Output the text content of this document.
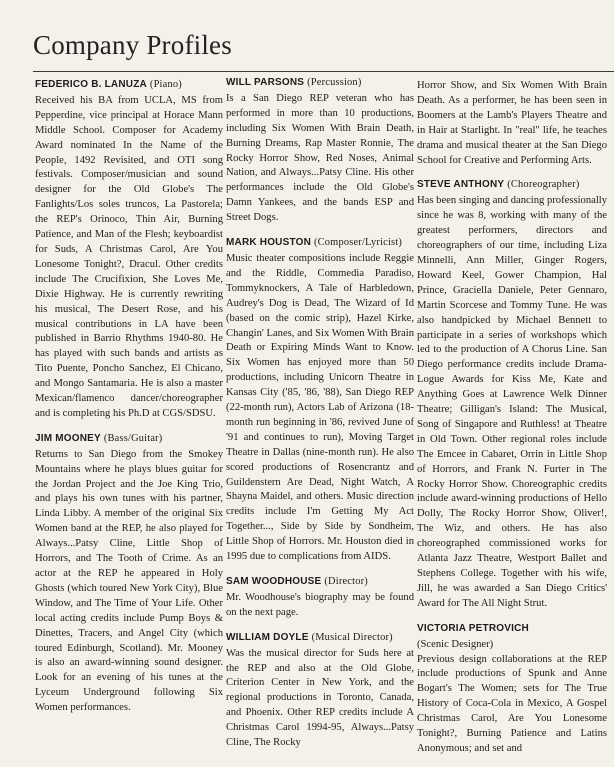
Company Profiles
FEDERICO B. LANUZA (Piano)

Received his BA from UCLA, MS from Pepperdine, vice principal at Horace Mann Middle School. Composer for Academy Award nominated In the Name of the People, 1492 Revisited, and OTI song festivals. Composer/musician and sound designer for the Old Globe's The Fanlights/Los soles truncos, La Pastorela; the REP's Orinoco, Thin Air, Burning Patience, and Man of the Flesh; keyboardist for Suds, A Christmas Carol, Are You Lonesome Tonight?, Dracul. Other credits include The Crucifixion, She Loves Me, Dixie Highway. He is currently rewriting his musical, The Desert Rose, and his musical contributions in LA have been published in Barrio Rhythms 1940-80. He has played with such bands and artists as Tito Puente, Poncho Sanchez, El Chicano, and Mongo Santamaria. He is also a master Mexican/flamenco dancer/choreographer and is completing his Ph.D at CGS/SDSU.

JIM MOONEY (Bass/Guitar)

Returns to San Diego from the Smokey Mountains where he plays blues guitar for the Jordan Project and the Joe King Trio, and plays his own tunes with his partner, Linda Libby. A member of the original Six Women band at the REP, he also played for Always...Patsy Cline, Little Shop of Horrors, and The Tooth of Crime. As an actor at the REP he appeared in Holy Ghosts (which toured New York City), Blue Window, and The Time of Your Life. Other local acting credits include Pump Boys & Dinettes, Tracers, and Angel City (which toured Edinburgh, Scotland). Mr. Mooney is also an award-winning sound designer. Look for an evening of his tunes at the Lyceum Underground following Six Women performances.

WILL PARSONS (Percussion)

Is a San Diego REP veteran who has performed in more than 10 productions, including Six Women With Brain Death, Burning Dreams, Rap Master Ronnie, The Rocky Horror Show, Red Noses, Animal Nation, and Always...Patsy Cline. His other performances include the Old Globe's Damn Yankees, and the bands ESP and Street Dogs.

MARK HOUSTON (Composer/Lyricist)

Music theater compositions include Reggie and the Riddle, Commedia Paradiso, Tommyknockers, A Tale of Harbledown, Audrey's Dog is Dead, The Wizard of Id (based on the comic strip), Hazel Kirke, Changin' Lanes, and Six Women With Brain Death or Expiring Minds Want to Know. Six Women has enjoyed more than 50 productions, including Unicorn Theatre in Kansas City ('85, '86, '88), San Diego REP (22-month run), Actors Lab of Arizona (18-month run beginning in '86, revived June of '91 and continues to run), Moving Target Theatre in Dallas (nine-month run). He also scored productions of Rosencrantz and Guildenstern Are Dead, Night Watch, A Shayna Maidel, and others. Music direction credits include I'm Getting My Act Together..., Side by Side by Sondheim, Little Shop of Horrors. Mr. Houston died in 1995 due to complications from AIDS.

SAM WOODHOUSE (Director)

Mr. Woodhouse's biography may be found on the next page.

WILLIAM DOYLE (Musical Director)

Was the musical director for Suds here at the REP and also at the Old Globe, Criterion Center in New York, and the regional productions in Toronto, Canada, and Phoenix. Other REP credits include A Christmas Carol 1994-95, Always...Patsy Cline, The Rocky

Horror Show, and Six Women With Brain Death. As a performer, he has been seen in Boomers at the Lamb's Players Theatre and in Hair at Starlight. In "real" life, he teaches drama and musical theater at the San Diego School for Creative and Performing Arts.

STEVE ANTHONY (Choreographer)

Has been singing and dancing professionally since he was 8, working with many of the greatest performers, directors and choreographers of our time, including Liza Minnelli, Ann Miller, Ginger Rogers, Howard Keel, Gower Champion, Hal Prince, Graciella Daniele, Peter Gennaro, Martin Scorcese and Tommy Tune. He was also handpicked by Michael Bennett to participate in a series of workshops which led to the production of A Chorus Line. San Diego performance credits include Drama-Logue Awards for Kiss Me, Kate and Anything Goes at Lawrence Welk Dinner Theatre; Gilligan's Island: The Musical, Song of Singapore and Ruthless! at Theatre in Old Town. Other regional roles include The Emcee in Cabaret, Orrin in Little Shop of Horrors, and Frank N. Furter in The Rocky Horror Show. Choreographic credits include award-winning productions of Hello Dolly, The Rocky Horror Show, Oliver!, The Wiz, and others. He has also choreographed commissioned works for Atlanta Jazz Theatre, Westport Ballet and Stephens College. Together with his wife, Jill, he was awarded a San Diego Critics' Award for The All Night Strut.

VICTORIA PETROVICH
(Scenic Designer)

Previous design collaborations at the REP include productions of Spunk and Anne Bogart's The Women; sets for The True History of Coca-Cola in Mexico, A Gospel Christmas Carol, Are You Lonesome Tonight?, Burning Patience and Latins Anonymous; and set and
